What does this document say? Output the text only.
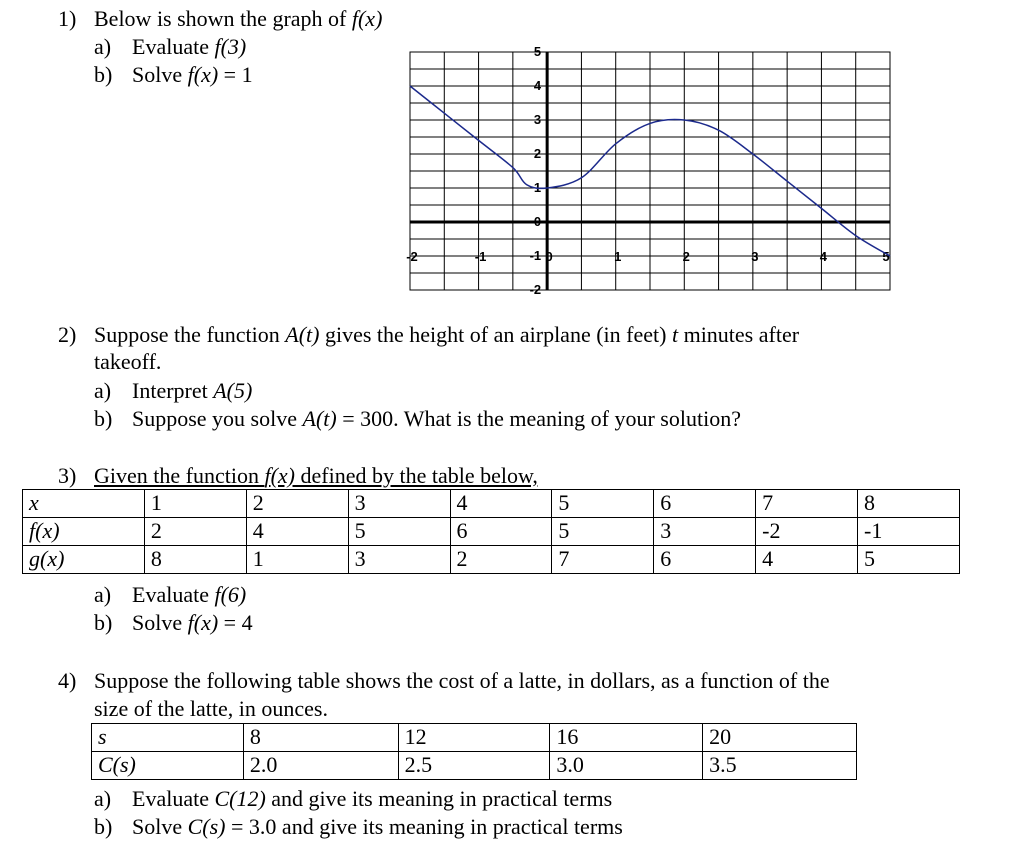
1) Below is shown the graph of f(x)
a) Evaluate f(3)
b) Solve f(x) = 1
-2	-1	0	1	2	3	4	5
5
4
3
2
1
0
-1
-2
2) Suppose the function A(t) gives the height of an airplane (in feet) t minutes after
takeoff.
a) Interpret A(5)
b) Suppose you solve A(t) = 300. What is the meaning of your solution?
3) Given the function f(x) defined by the table below,
x	1	2	3	4	5	6	7	8
f(x)	2	4	5	6	5	3	-2	-1
g(x)	8	1	3	2	7	6	4	5
a) Evaluate f(6)
b) Solve f(x) = 4
4) Suppose the following table shows the cost of a latte, in dollars, as a function of the
size of the latte, in ounces.
s	8	12	16	20
C(s)	2.0	2.5	3.0	3.5
a) Evaluate C(12) and give its meaning in practical terms
b) Solve C(s) = 3.0 and give its meaning in practical terms
